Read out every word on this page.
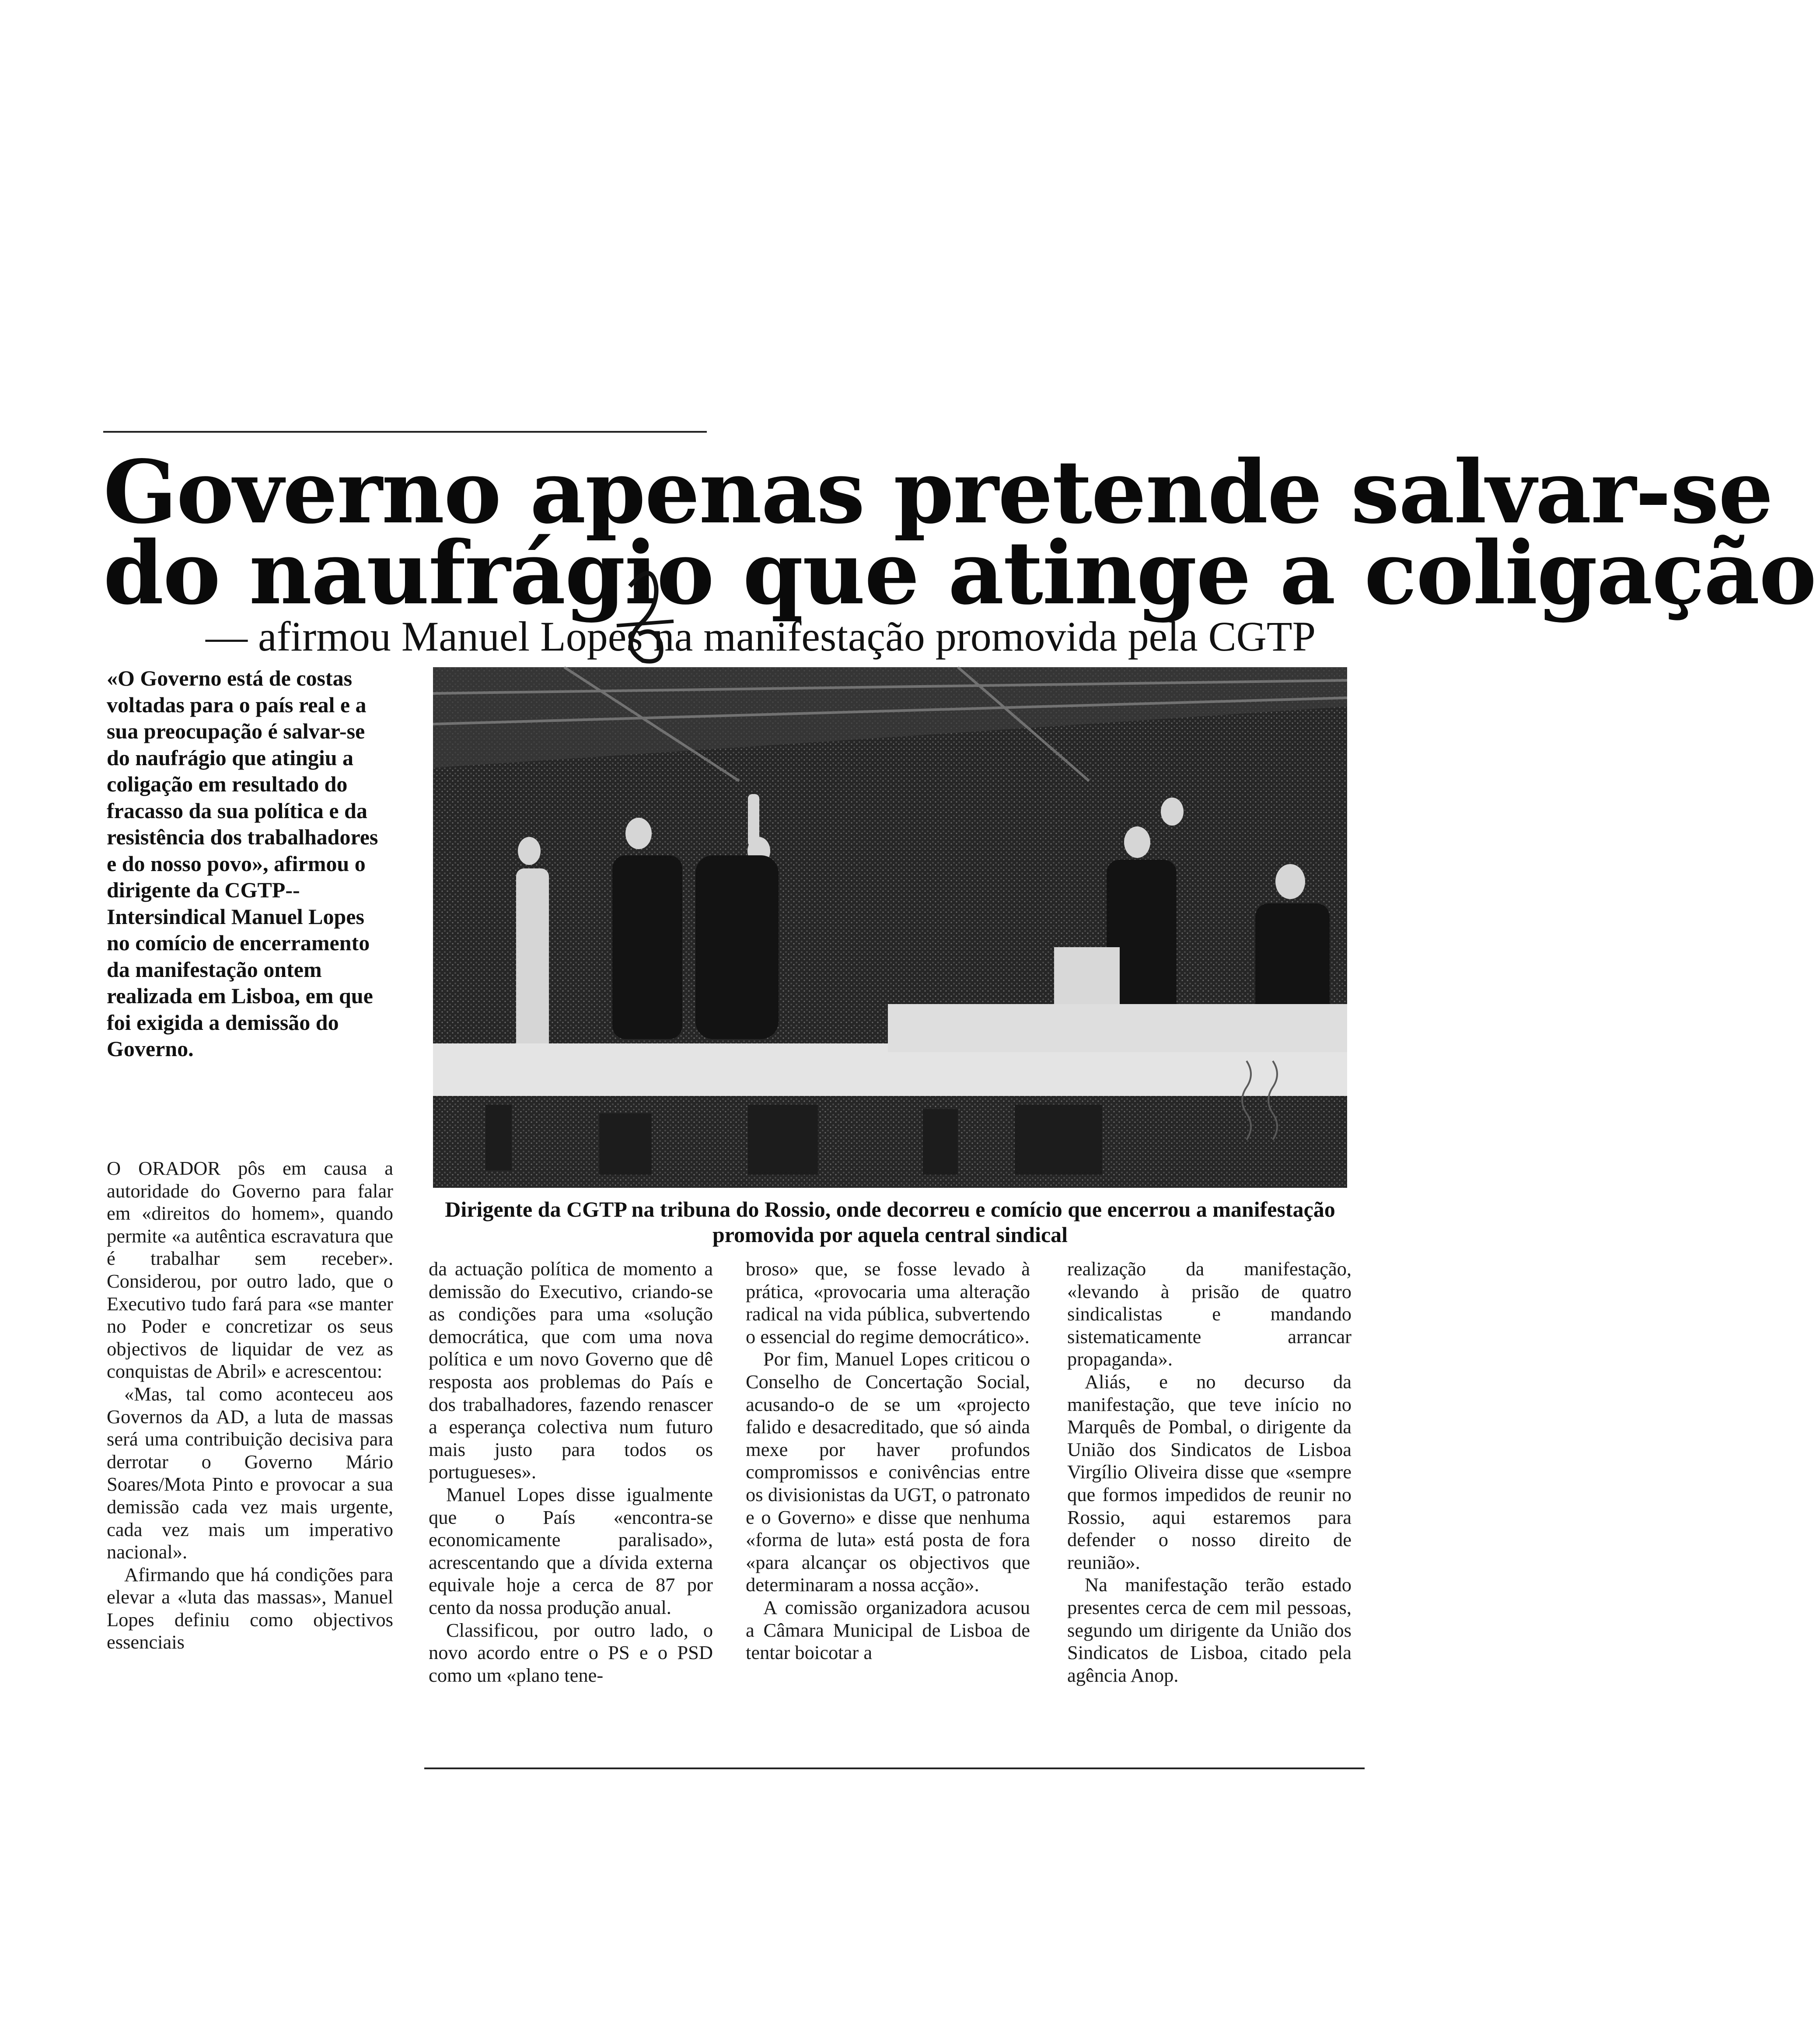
Governo apenas pretende salvar-se
do naufrágio que atinge a coligação
— afirmou Manuel Lopes na manifestação promovida pela CGTP
«O Governo está de costas voltadas para o país real e a sua preocupação é salvar-se do naufrágio que atingiu a coligação em resultado do fracasso da sua política e da resistência dos trabalhadores e do nosso povo», afirmou o dirigente da CGTP--Intersindical Manuel Lopes no comício de encerramento da manifestação ontem realizada em Lisboa, em que foi exigida a demissão do Governo.
Dirigente da CGTP na tribuna do Rossio, onde decorreu e comício que encerrou a manifestação promovida por aquela central sindical

O ORADOR pôs em causa a autoridade do Governo para falar em «direitos do homem», quando permite «a autêntica escravatura que é trabalhar sem receber». Considerou, por outro lado, que o Executivo tudo fará para «se manter no Poder e concretizar os seus objectivos de liquidar de vez as conquistas de Abril» e acrescentou:

«Mas, tal como aconteceu aos Governos da AD, a luta de massas será uma contribuição decisiva para derrotar o Governo Mário Soares/Mota Pinto e provocar a sua demissão cada vez mais urgente, cada vez mais um imperativo nacional».

Afirmando que há condições para elevar a «luta das massas», Manuel Lopes definiu como objectivos essenciais

da actuação política de momento a demissão do Executivo, criando-se as condições para uma «solução democrática, que com uma nova política e um novo Governo que dê resposta aos problemas do País e dos trabalhadores, fazendo renascer a esperança colectiva num futuro mais justo para todos os portugueses».

Manuel Lopes disse igualmente que o País «encontra-se economicamente paralisado», acrescentando que a dívida externa equivale hoje a cerca de 87 por cento da nossa produção anual.

Classificou, por outro lado, o novo acordo entre o PS e o PSD como um «plano tene-

broso» que, se fosse levado à prática, «provocaria uma alteração radical na vida pública, subvertendo o essencial do regime democrático».

Por fim, Manuel Lopes criticou o Conselho de Concertação Social, acusando-o de se um «projecto falido e desacreditado, que só ainda mexe por haver profundos compromissos e conivências entre os divisionistas da UGT, o patronato e o Governo» e disse que nenhuma «forma de luta» está posta de fora «para alcançar os objectivos que determinaram a nossa acção».

A comissão organizadora acusou a Câmara Municipal de Lisboa de tentar boicotar a

realização da manifestação, «levando à prisão de quatro sindicalistas e mandando sistematicamente arrancar propaganda».

Aliás, e no decurso da manifestação, que teve início no Marquês de Pombal, o dirigente da União dos Sindicatos de Lisboa Virgílio Oliveira disse que «sempre que formos impedidos de reunir no Rossio, aqui estaremos para defender o nosso direito de reunião».

Na manifestação terão estado presentes cerca de cem mil pessoas, segundo um dirigente da União dos Sindicatos de Lisboa, citado pela agência Anop.
